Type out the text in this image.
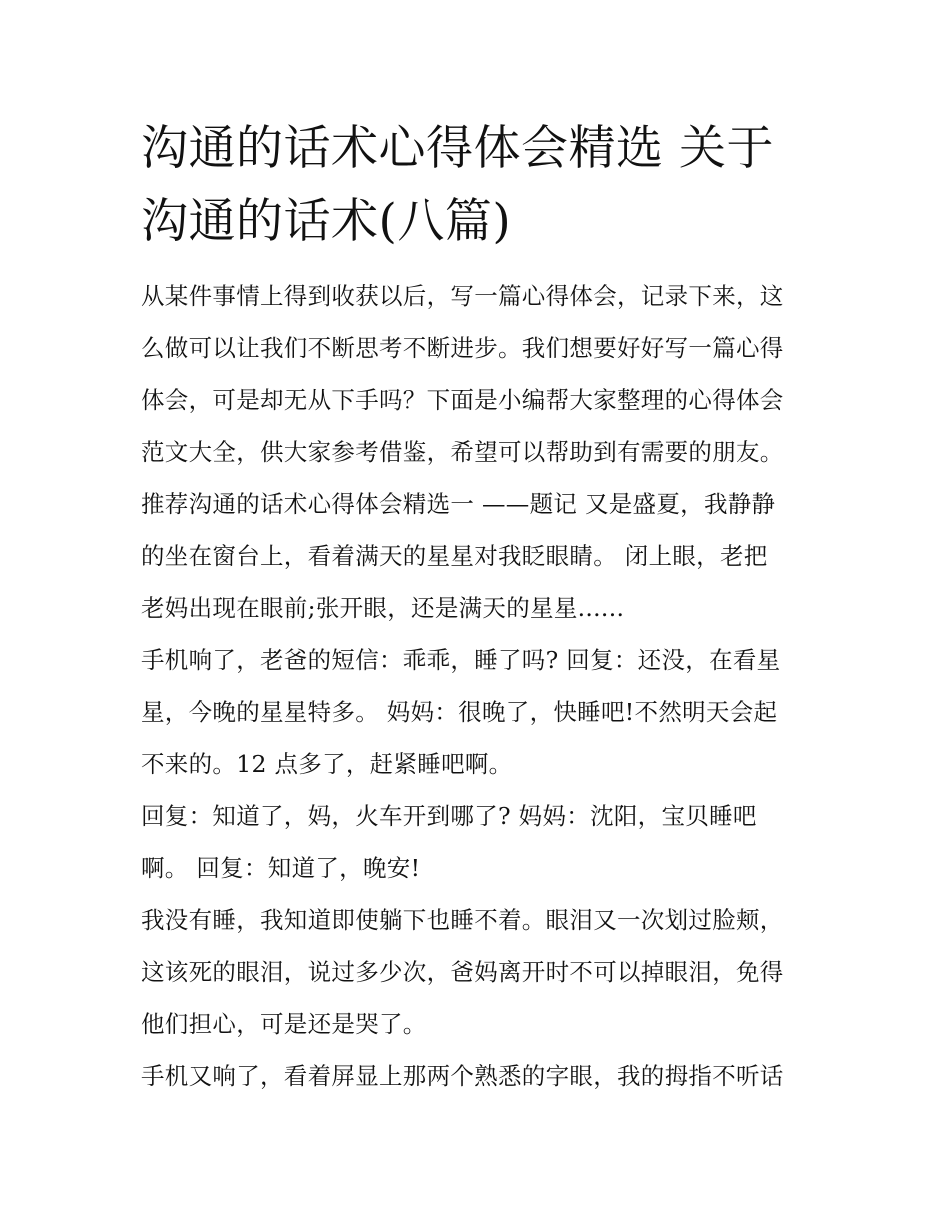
沟通的话术心得体会精选 关于
沟通的话术(八篇)

从某件事情上得到收获以后，写一篇心得体会，记录下来，这
么做可以让我们不断思考不断进步。我们想要好好写一篇心得
体会，可是却无从下手吗？下面是小编帮大家整理的心得体会
范文大全，供大家参考借鉴，希望可以帮助到有需要的朋友。

推荐沟通的话术心得体会精选一 ——题记 又是盛夏，我静静
的坐在窗台上，看着满天的星星对我眨眼睛。 闭上眼，老把
老妈出现在眼前;张开眼，还是满天的星星......

手机响了，老爸的短信：乖乖，睡了吗? 回复：还没，在看星
星，今晚的星星特多。 妈妈：很晚了，快睡吧!不然明天会起
不来的。12 点多了，赶紧睡吧啊。

回复：知道了，妈，火车开到哪了? 妈妈：沈阳，宝贝睡吧
啊。 回复：知道了，晚安!

我没有睡，我知道即使躺下也睡不着。眼泪又一次划过脸颊，
这该死的眼泪，说过多少次，爸妈离开时不可以掉眼泪，免得
他们担心，可是还是哭了。

手机又响了，看着屏显上那两个熟悉的字眼，我的拇指不听话
